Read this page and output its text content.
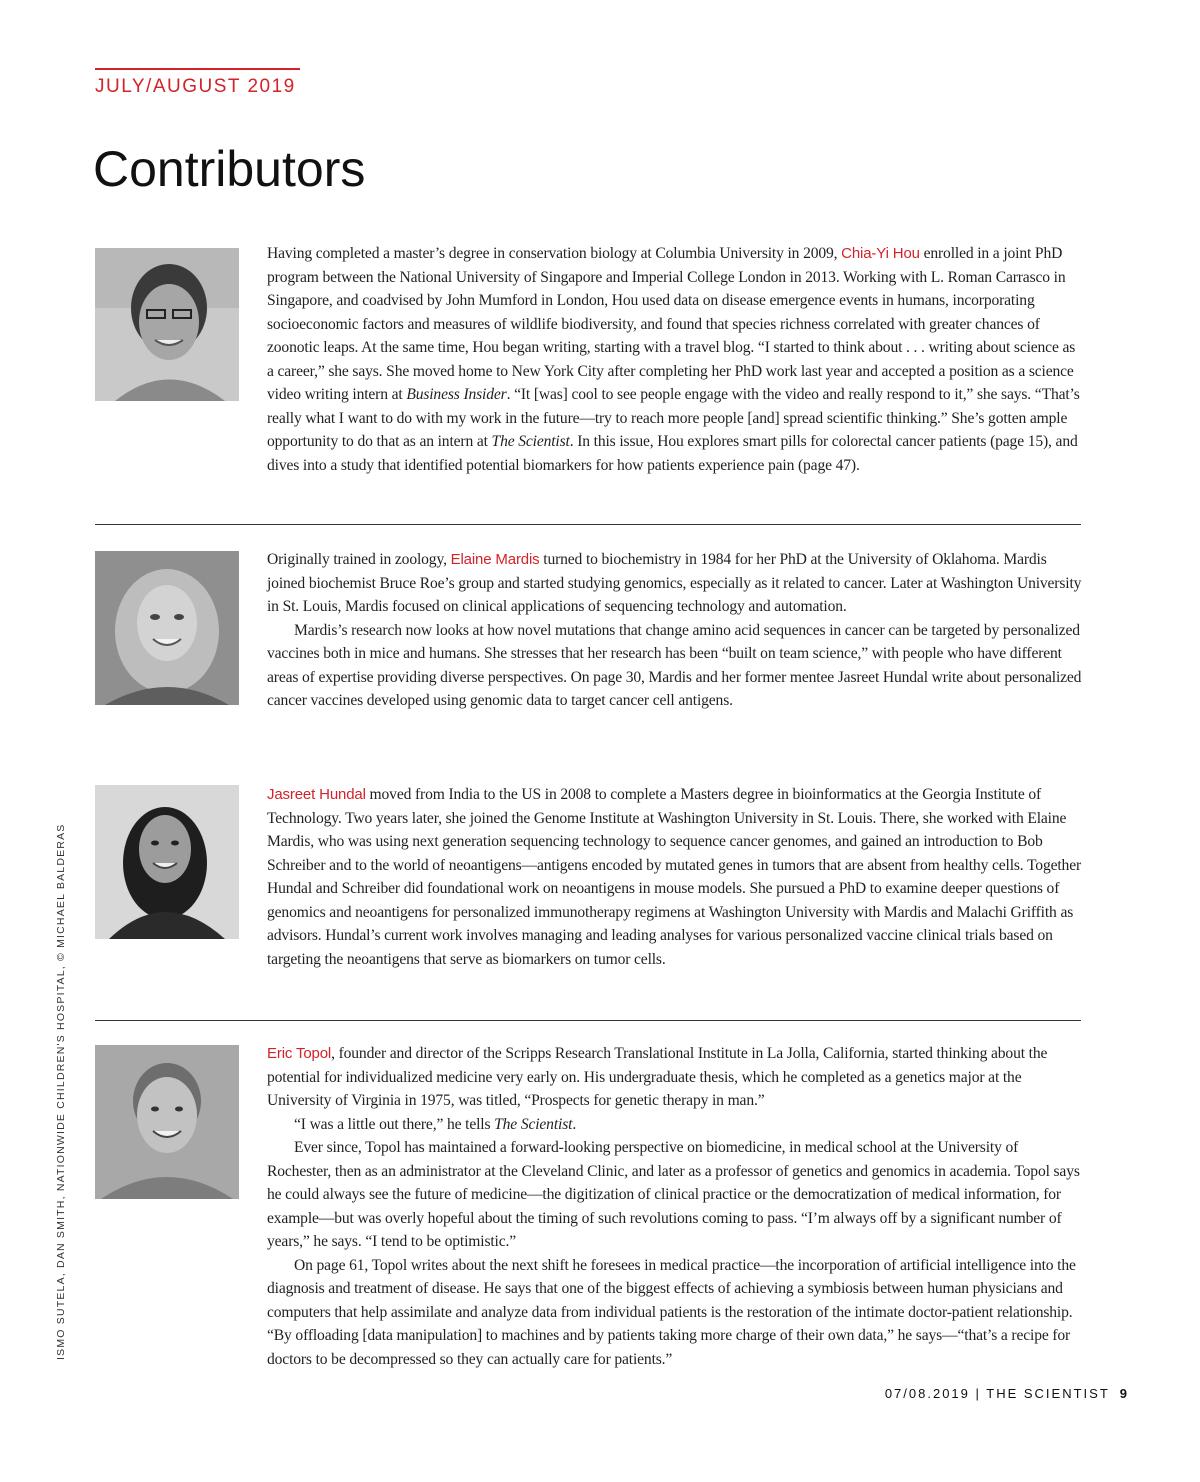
JULY/AUGUST 2019
Contributors
ISMO SUTELA, DAN SMITH, NATIONWIDE CHILDREN'S HOSPITAL, © MICHAEL BALDERAS

Having completed a master’s degree in conservation biology at Columbia University in 2009, Chia-Yi Hou enrolled in a joint PhD program between the National University of Singapore and Imperial College London in 2013. Working with L. Roman Carrasco in Singapore, and coadvised by John Mumford in London, Hou used data on disease emergence events in humans, incorporating socioeconomic factors and measures of wildlife biodiversity, and found that species richness correlated with greater chances of zoonotic leaps. At the same time, Hou began writing, starting with a travel blog. “I started to think about . . . writing about science as a career,” she says. She moved home to New York City after completing her PhD work last year and accepted a position as a science video writing intern at Business Insider. “It [was] cool to see people engage with the video and really respond to it,” she says. “That’s really what I want to do with my work in the future—try to reach more people [and] spread scientific thinking.” She’s gotten ample opportunity to do that as an intern at The Scientist. In this issue, Hou explores smart pills for colorectal cancer patients (page 15), and dives into a study that identified potential biomarkers for how patients experience pain (page 47).

Originally trained in zoology, Elaine Mardis turned to biochemistry in 1984 for her PhD at the University of Oklahoma. Mardis joined biochemist Bruce Roe’s group and started studying genomics, especially as it related to cancer. Later at Washington University in St. Louis, Mardis focused on clinical applications of sequencing technology and automation.

Mardis’s research now looks at how novel mutations that change amino acid sequences in cancer can be targeted by personalized vaccines both in mice and humans. She stresses that her research has been “built on team science,” with people who have different areas of expertise providing diverse perspectives. On page 30, Mardis and her former mentee Jasreet Hundal write about personalized cancer vaccines developed using genomic data to target cancer cell antigens.

Jasreet Hundal moved from India to the US in 2008 to complete a Masters degree in bioinformatics at the Georgia Institute of Technology. Two years later, she joined the Genome Institute at Washington University in St. Louis. There, she worked with Elaine Mardis, who was using next generation sequencing technology to sequence cancer genomes, and gained an introduction to Bob Schreiber and to the world of neoantigens—antigens encoded by mutated genes in tumors that are absent from healthy cells. Together Hundal and Schreiber did foundational work on neoantigens in mouse models. She pursued a PhD to examine deeper questions of genomics and neoantigens for personalized immunotherapy regimens at Washington University with Mardis and Malachi Griffith as advisors. Hundal’s current work involves managing and leading analyses for various personalized vaccine clinical trials based on targeting the neoantigens that serve as biomarkers on tumor cells.

Eric Topol, founder and director of the Scripps Research Translational Institute in La Jolla, California, started thinking about the potential for individualized medicine very early on. His undergraduate thesis, which he completed as a genetics major at the University of Virginia in 1975, was titled, “Prospects for genetic therapy in man.”

“I was a little out there,” he tells The Scientist.

Ever since, Topol has maintained a forward-looking perspective on biomedicine, in medical school at the University of Rochester, then as an administrator at the Cleveland Clinic, and later as a professor of genetics and genomics in academia. Topol says he could always see the future of medicine—the digitization of clinical practice or the democratization of medical information, for example—but was overly hopeful about the timing of such revolutions coming to pass. “I’m always off by a significant number of years,” he says. “I tend to be optimistic.”

On page 61, Topol writes about the next shift he foresees in medical practice—the incorporation of artificial intelligence into the diagnosis and treatment of disease. He says that one of the biggest effects of achieving a symbiosis between human physicians and computers that help assimilate and analyze data from individual patients is the restoration of the intimate doctor-patient relationship. “By offloading [data manipulation] to machines and by patients taking more charge of their own data,” he says—“that’s a recipe for doctors to be decompressed so they can actually care for patients.”

07/08.2019 | THE SCIENTIST 9
